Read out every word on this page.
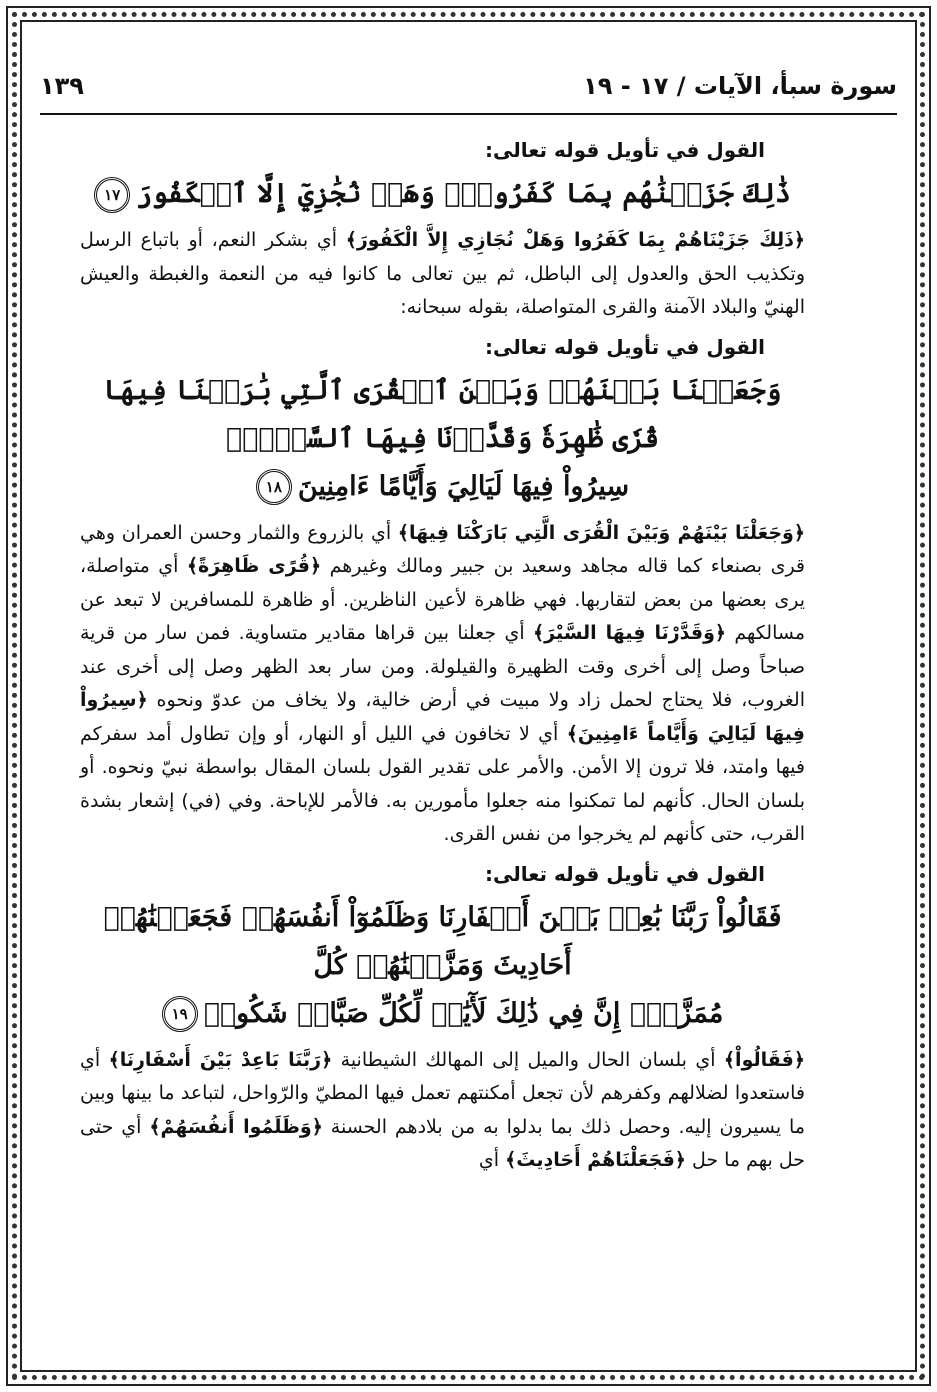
سورة سبأ، الآيات / ١٧ - ١٩
١٣٩
القول في تأويل قوله تعالى:
ذَٰلِكَ جَزَيۡنَٰهُم بِمَا كَفَرُواْۖ وَهَلۡ نُجَٰزِيٓ إِلَّا ٱلۡكَفُورَ١٧

﴿ذَلِكَ جَزَيْنَاهُمْ بِمَا كَفَرُوا وَهَلْ نُجَازِي إِلاَّ الْكَفُورَ﴾ أي بشكر النعم، أو باتباع الرسل وتكذيب الحق والعدول إلى الباطل، ثم بين تعالى ما كانوا فيه من النعمة والغبطة والعيش الهنيّ والبلاد الآمنة والقرى المتواصلة، بقوله سبحانه:

القول في تأويل قوله تعالى:
وَجَعَلۡنَا بَيۡنَهُمۡ وَبَيۡنَ ٱلۡقُرَى ٱلَّتِي بَٰرَكۡنَا فِيهَا قُرٗى ظَٰهِرَةٗ وَقَدَّرۡنَا فِيهَا ٱلسَّيۡرَۖ
سِيرُواْ فِيهَا لَيَالِيَ وَأَيَّامًا ءَامِنِينَ١٨

﴿وَجَعَلْنَا بَيْنَهُمْ وَبَيْنَ الْقُرَى الَّتِي بَارَكْنَا فِيهَا﴾ أي بالزروع والثمار وحسن العمران وهي قرى بصنعاء كما قاله مجاهد وسعيد بن جبير ومالك وغيرهم ﴿قُرًى ظَاهِرَةً﴾ أي متواصلة، يرى بعضها من بعض لتقاربها. فهي ظاهرة لأعين الناظرين. أو ظاهرة للمسافرين لا تبعد عن مسالكهم ﴿وَقَدَّرْنَا فِيهَا السَّيْرَ﴾ أي جعلنا بين قراها مقادير متساوية. فمن سار من قرية صباحاً وصل إلى أخرى وقت الظهيرة والقيلولة. ومن سار بعد الظهر وصل إلى أخرى عند الغروب، فلا يحتاج لحمل زاد ولا مبيت في أرض خالية، ولا يخاف من عدوّ ونحوه ﴿سِيرُواْ فِيهَا لَيَالِيَ وَأَيَّاماً ءَامِنِينَ﴾ أي لا تخافون في الليل أو النهار، أو وإن تطاول أمد سفركم فيها وامتد، فلا ترون إلا الأمن. والأمر على تقدير القول بلسان المقال بواسطة نبيّ ونحوه. أو بلسان الحال. كأنهم لما تمكنوا منه جعلوا مأمورين به. فالأمر للإباحة. وفي (في) إشعار بشدة القرب، حتى كأنهم لم يخرجوا من نفس القرى.

القول في تأويل قوله تعالى:
فَقَالُواْ رَبَّنَا بَٰعِدۡ بَيۡنَ أَسۡفَارِنَا وَظَلَمُوٓاْ أَنفُسَهُمۡ فَجَعَلۡنَٰهُمۡ أَحَادِيثَ وَمَزَّقۡنَٰهُمۡ كُلَّ
مُمَزَّقٍۚ إِنَّ فِي ذَٰلِكَ لَأٓيَٰتٖ لِّكُلِّ صَبَّارٖ شَكُورٖ١٩

﴿فَقَالُواْ﴾ أي بلسان الحال والميل إلى المهالك الشيطانية ﴿رَبَّنَا بَاعِدْ بَيْنَ أَسْفَارِنَا﴾ أي فاستعدوا لضلالهم وكفرهم لأن تجعل أمكنتهم تعمل فيها المطيّ والرّواحل، لتباعد ما بينها وبين ما يسيرون إليه. وحصل ذلك بما بدلوا به من بلادهم الحسنة ﴿وَظَلَمُوا أَنفُسَهُمْ﴾ أي حتى حل بهم ما حل ﴿فَجَعَلْنَاهُمْ أَحَادِيثَ﴾ أي
